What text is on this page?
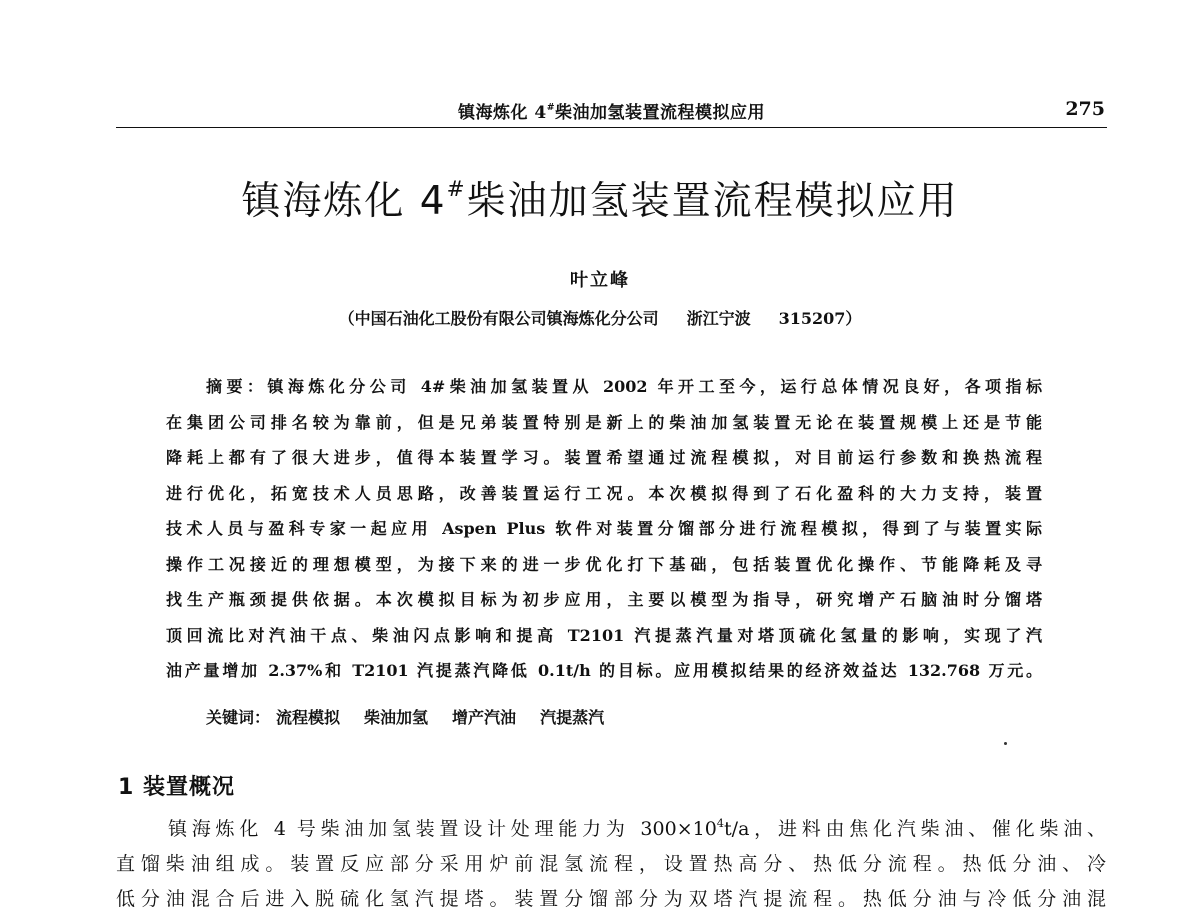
镇海炼化 4#柴油加氢装置流程模拟应用	275
镇海炼化 4#柴油加氢装置流程模拟应用
叶立峰
（中国石油化工股份有限公司镇海炼化分公司 浙江宁波 315207）
摘要：镇海炼化分公司 4#柴油加氢装置从 2002 年开工至今，运行总体情况良好，各项指标
在集团公司排名较为靠前，但是兄弟装置特别是新上的柴油加氢装置无论在装置规模上还是节能
降耗上都有了很大进步，值得本装置学习。装置希望通过流程模拟，对目前运行参数和换热流程
进行优化，拓宽技术人员思路，改善装置运行工况。本次模拟得到了石化盈科的大力支持，装置
技术人员与盈科专家一起应用 Aspen Plus 软件对装置分馏部分进行流程模拟，得到了与装置实际
操作工况接近的理想模型，为接下来的进一步优化打下基础，包括装置优化操作、节能降耗及寻
找生产瓶颈提供依据。本次模拟目标为初步应用，主要以模型为指导，研究增产石脑油时分馏塔
顶回流比对汽油干点、柴油闪点影响和提高 T2101 汽提蒸汽量对塔顶硫化氢量的影响，实现了汽
油产量增加 2.37%和 T2101 汽提蒸汽降低 0.1t/h 的目标。应用模拟结果的经济效益达 132.768 万元。
关键词： 流程模拟 柴油加氢 增产汽油 汽提蒸汽
1 装置概况
镇海炼化 4 号柴油加氢装置设计处理能力为 $300\times 10^4t/a$，进料由焦化汽柴油、催化柴油、
直馏柴油组成。装置反应部分采用炉前混氢流程，设置热高分、热低分流程。热低分油、冷
低分油混合后进入脱硫化氢汽提塔。装置分馏部分为双塔汽提流程。热低分油与冷低分油混
